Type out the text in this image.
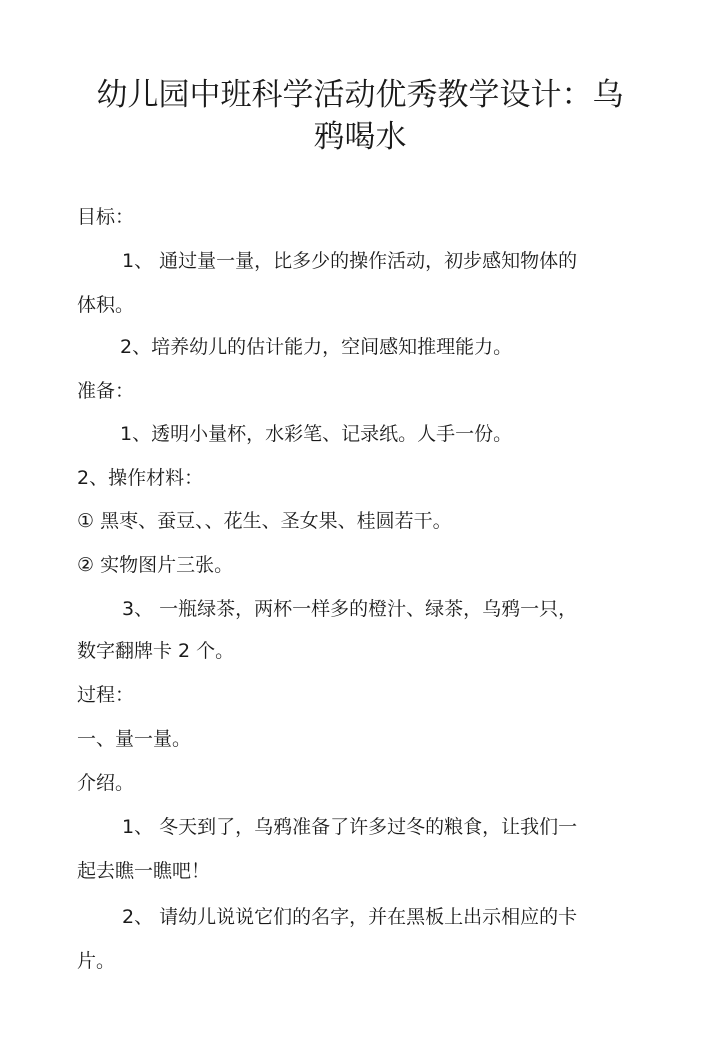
幼儿园中班科学活动优秀教学设计：乌
鸦喝水
目标：
1、 通过量一量，比多少的操作活动，初步感知物体的
体积。
2、培养幼儿的估计能力，空间感知推理能力。
准备：
1、透明小量杯，水彩笔、记录纸。人手一份。
2、操作材料：
① 黑枣、蚕豆、、花生、圣女果、桂圆若干。
② 实物图片三张。
3、 一瓶绿茶，两杯一样多的橙汁、绿茶，乌鸦一只，
数字翻牌卡 2 个。
过程：
一、量一量。
介绍。
1、 冬天到了，乌鸦准备了许多过冬的粮食，让我们一
起去瞧一瞧吧！
2、 请幼儿说说它们的名字，并在黑板上出示相应的卡
片。
